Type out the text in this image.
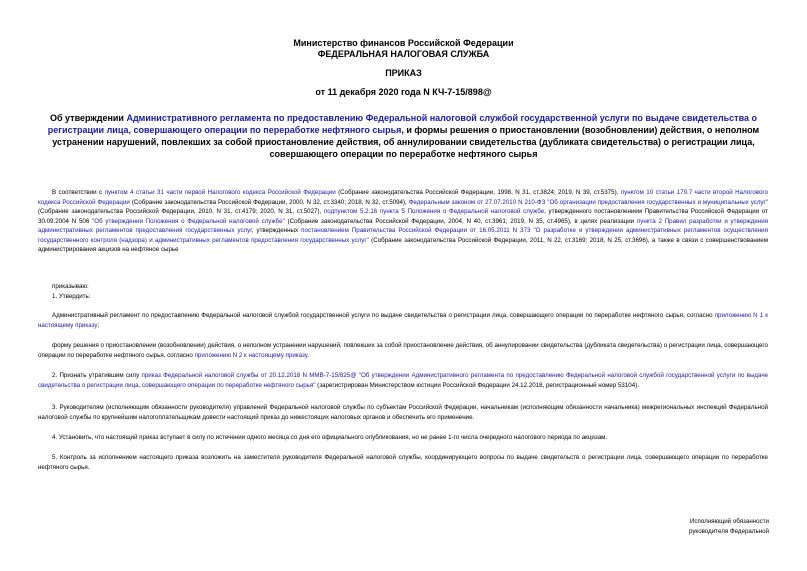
Министерство финансов Российской Федерации
ФЕДЕРАЛЬНАЯ НАЛОГОВАЯ СЛУЖБА
ПРИКАЗ
от 11 декабря 2020 года N КЧ-7-15/898@
Об утверждении Административного регламента по предоставлению Федеральной налоговой службой государственной услуги по выдаче свидетельства о регистрации лица, совершающего операции по переработке нефтяного сырья, и формы решения о приостановлении (возобновлении) действия, о неполном устранении нарушений, повлекших за собой приостановление действия, об аннулировании свидетельства (дубликата свидетельства) о регистрации лица, совершающего операции по переработке нефтяного сырья
В соответствии с пунктом 4 статьи 31 части первой Налогового кодекса Российской Федерации (Собрание законодательства Российской Федерации, 1998, N 31, ст.3824; 2019, N 39, ст.5375), пунктом 10 статьи 179.7 части второй Налогового кодекса Российской Федерации (Собрание законодательства Российской Федерации, 2000, N 32, ст.3340; 2018, N 32, ст.5094), Федеральным законом от 27.07.2010 N 210-ФЗ "Об организации предоставления государственных и муниципальных услуг" (Собрание законодательства Российской Федерации, 2010, N 31, ст.4179; 2020, N 31, ст.5027), подпунктом 5.2.16 пункта 5 Положения о Федеральной налоговой службе, утвержденного постановлением Правительства Российской Федерации от 30.09.2004 N 506 "Об утверждении Положения о Федеральной налоговой службе" (Собрание законодательства Российской Федерации, 2004, N 40, ст.3961; 2019, N 35, ст.4965), в целях реализации пункта 2 Правил разработки и утверждения административных регламентов предоставления государственных услуг, утвержденных постановлением Правительства Российской Федерации от 16.05.2011 N 373 "О разработке и утверждении административных регламентов осуществления государственного контроля (надзора) и административных регламентов предоставления государственных услуг" (Собрание законодательства Российской Федерации, 2011, N 22, ст.3169; 2018, N 25, ст.3696), а также в связи с совершенствованием администрирования акцизов на нефтяное сырье
приказываю:
1. Утвердить:
Административный регламент по предоставлению Федеральной налоговой службой государственной услуги по выдаче свидетельства о регистрации лица, совершающего операции по переработке нефтяного сырья, согласно приложению N 1 к настоящему приказу;
форму решения о приостановлении (возобновлении) действия, о неполном устранении нарушений, повлекших за собой приостановление действия, об аннулировании свидетельства (дубликата свидетельства) о регистрации лица, совершающего операции по переработке нефтяного сырья, согласно приложению N 2 к настоящему приказу.
2. Признать утратившим силу приказ Федеральной налоговой службы от 20.12.2018 N ММВ-7-15/825@ "Об утверждении Административного регламента по предоставлению Федеральной налоговой службой государственной услуги по выдаче свидетельства о регистрации лица, совершающего операции по переработке нефтяного сырья" (зарегистрирован Министерством юстиции Российской Федерации 24.12.2018, регистрационный номер 53104).
3. Руководителям (исполняющим обязанности руководителя) управлений Федеральной налоговой службы по субъектам Российской Федерации, начальникам (исполняющим обязанности начальника) межрегиональных инспекций Федеральной налоговой службы по крупнейшим налогоплательщикам довести настоящий приказ до нижестоящих налоговых органов и обеспечить его применение.
4. Установить, что настоящий приказ вступает в силу по истечении одного месяца со дня его официального опубликования, но не ранее 1-го числа очередного налогового периода по акцизам.
5. Контроль за исполнением настоящего приказа возложить на заместителя руководителя Федеральной налоговой службы, координирующего вопросы по выдаче свидетельств о регистрации лица, совершающего операции по переработке нефтяного сырья.
Исполняющий обязанности
руководителя Федеральной
